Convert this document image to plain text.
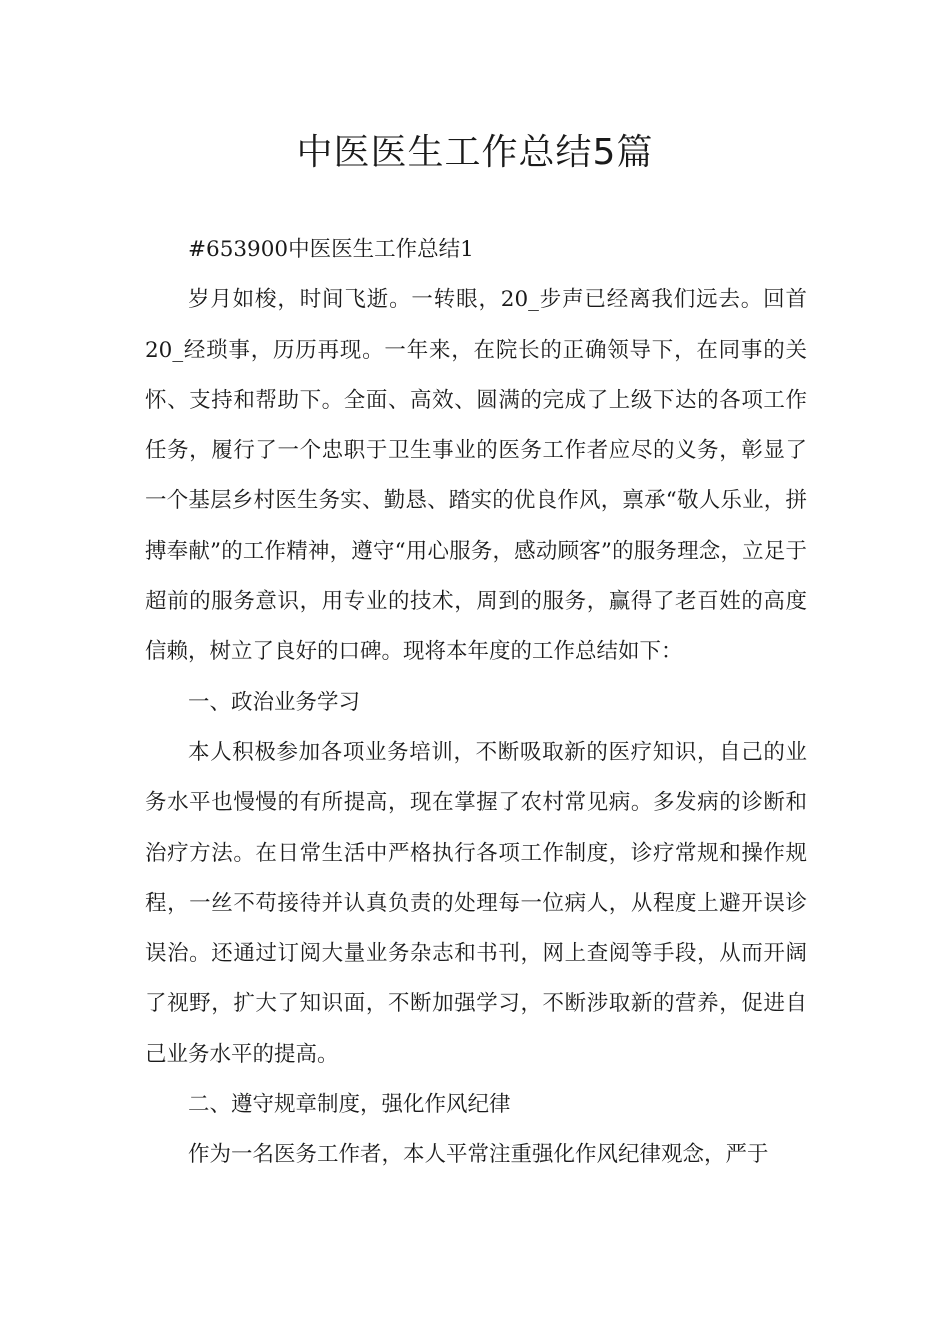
中医医生工作总结5篇

#653900中医医生工作总结1

岁月如梭，时间飞逝。一转眼，20_步声已经离我们远去。回首20_经琐事，历历再现。一年来，在院长的正确领导下，在同事的关怀、支持和帮助下。全面、高效、圆满的完成了上级下达的各项工作任务，履行了一个忠职于卫生事业的医务工作者应尽的义务，彰显了一个基层乡村医生务实、勤恳、踏实的优良作风，禀承“敬人乐业，拼搏奉献”的工作精神，遵守“用心服务，感动顾客”的服务理念，立足于超前的服务意识，用专业的技术，周到的服务，赢得了老百姓的高度信赖，树立了良好的口碑。现将本年度的工作总结如下：

一、政治业务学习

本人积极参加各项业务培训，不断吸取新的医疗知识，自己的业务水平也慢慢的有所提高，现在掌握了农村常见病。多发病的诊断和治疗方法。在日常生活中严格执行各项工作制度，诊疗常规和操作规程，一丝不苟接待并认真负责的处理每一位病人，从程度上避开误诊误治。还通过订阅大量业务杂志和书刊，网上查阅等手段，从而开阔了视野，扩大了知识面，不断加强学习，不断涉取新的营养，促进自己业务水平的提高。

二、遵守规章制度，强化作风纪律

作为一名医务工作者，本人平常注重强化作风纪律观念，严于
